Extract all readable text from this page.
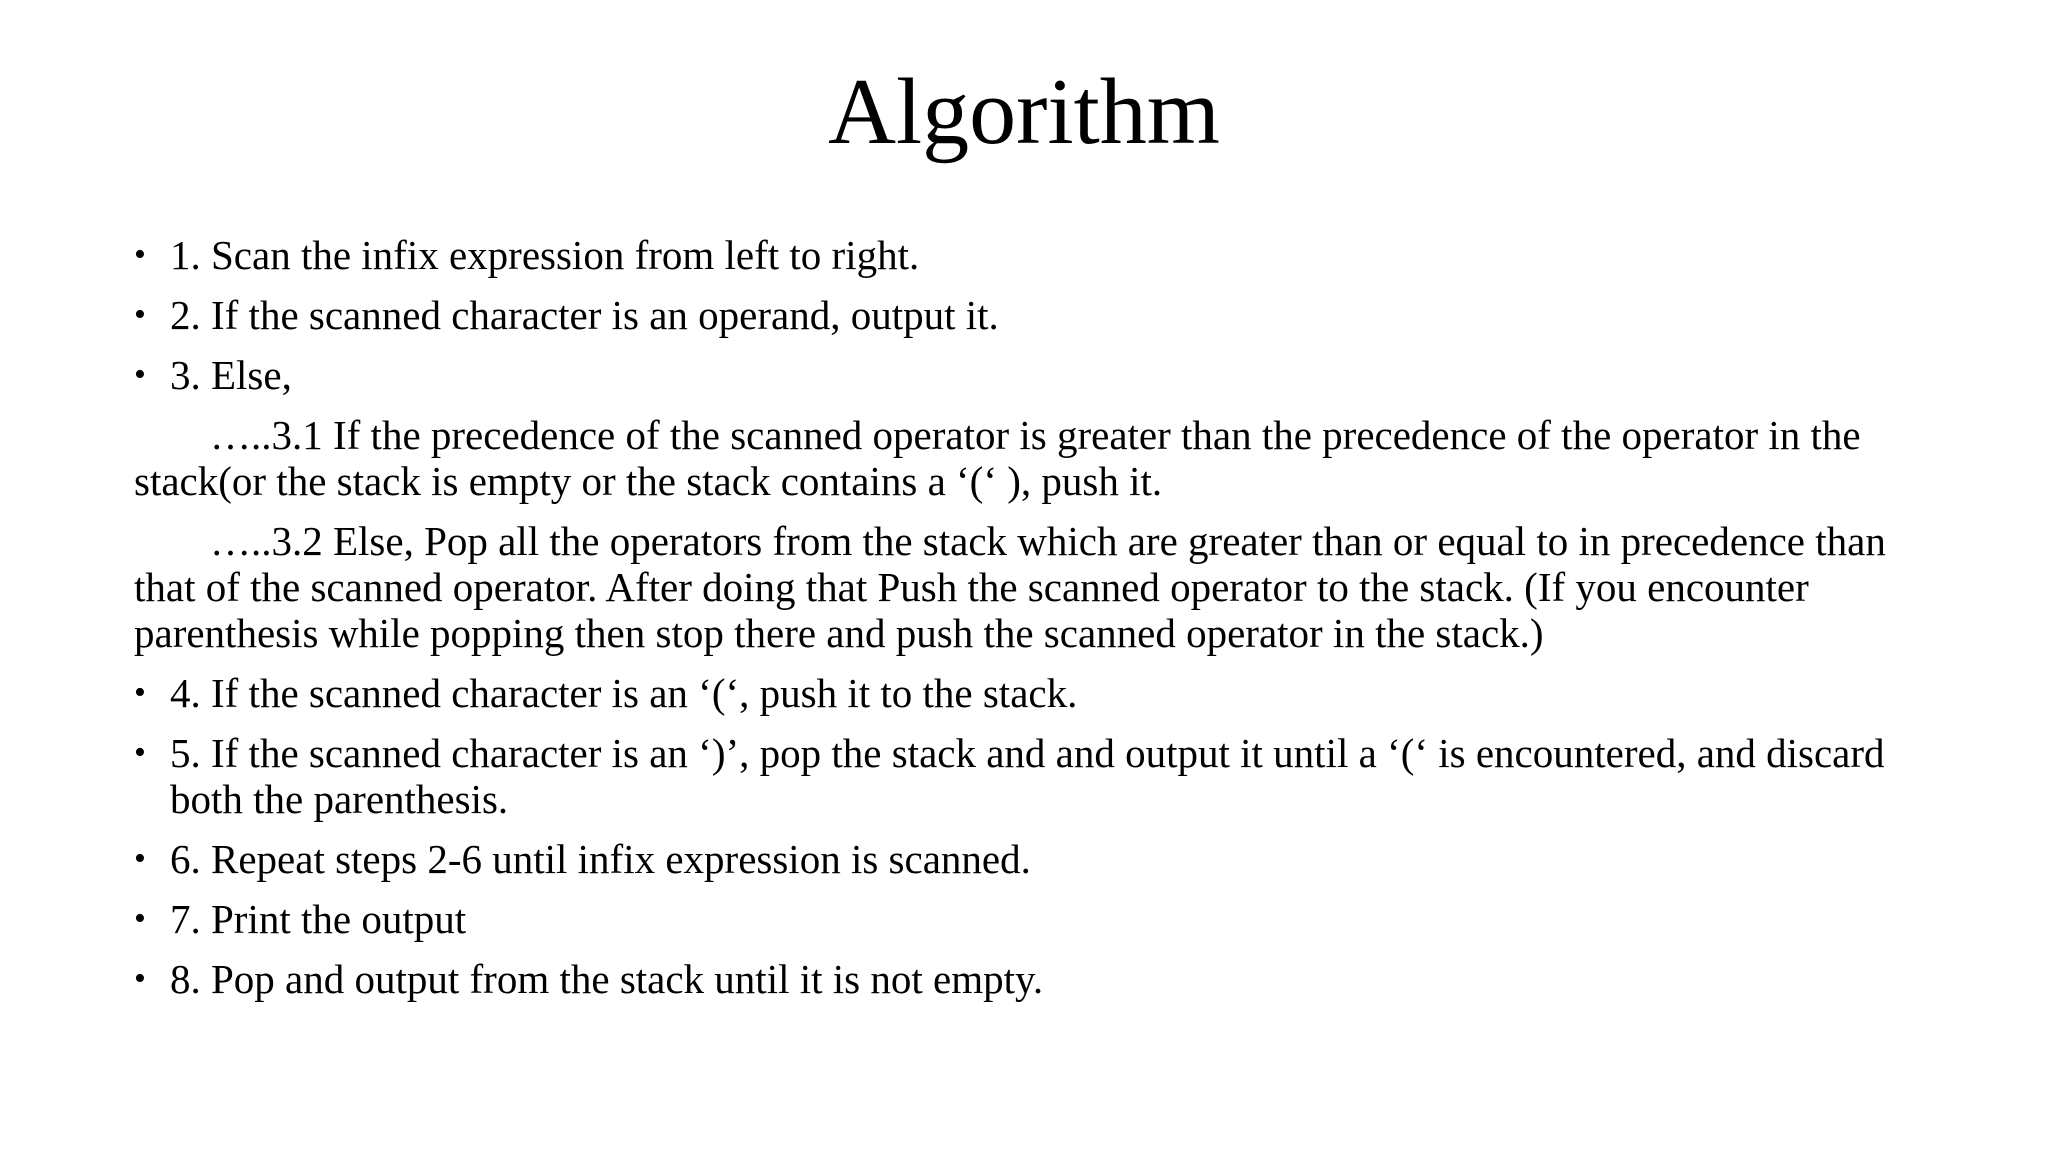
Algorithm
• 1. Scan the infix expression from left to right.
• 2. If the scanned character is an operand, output it.
• 3. Else,
…..3.1 If the precedence of the scanned operator is greater than the precedence of the operator in the stack(or the stack is empty or the stack contains a ‘(‘ ), push it.
…..3.2 Else, Pop all the operators from the stack which are greater than or equal to in precedence than that of the scanned operator. After doing that Push the scanned operator to the stack. (If you encounter parenthesis while popping then stop there and push the scanned operator in the stack.)
• 4. If the scanned character is an ‘(‘, push it to the stack.
• 5. If the scanned character is an ‘)’, pop the stack and and output it until a ‘(‘ is encountered, and discard both the parenthesis.
• 6. Repeat steps 2-6 until infix expression is scanned.
• 7. Print the output
• 8. Pop and output from the stack until it is not empty.
